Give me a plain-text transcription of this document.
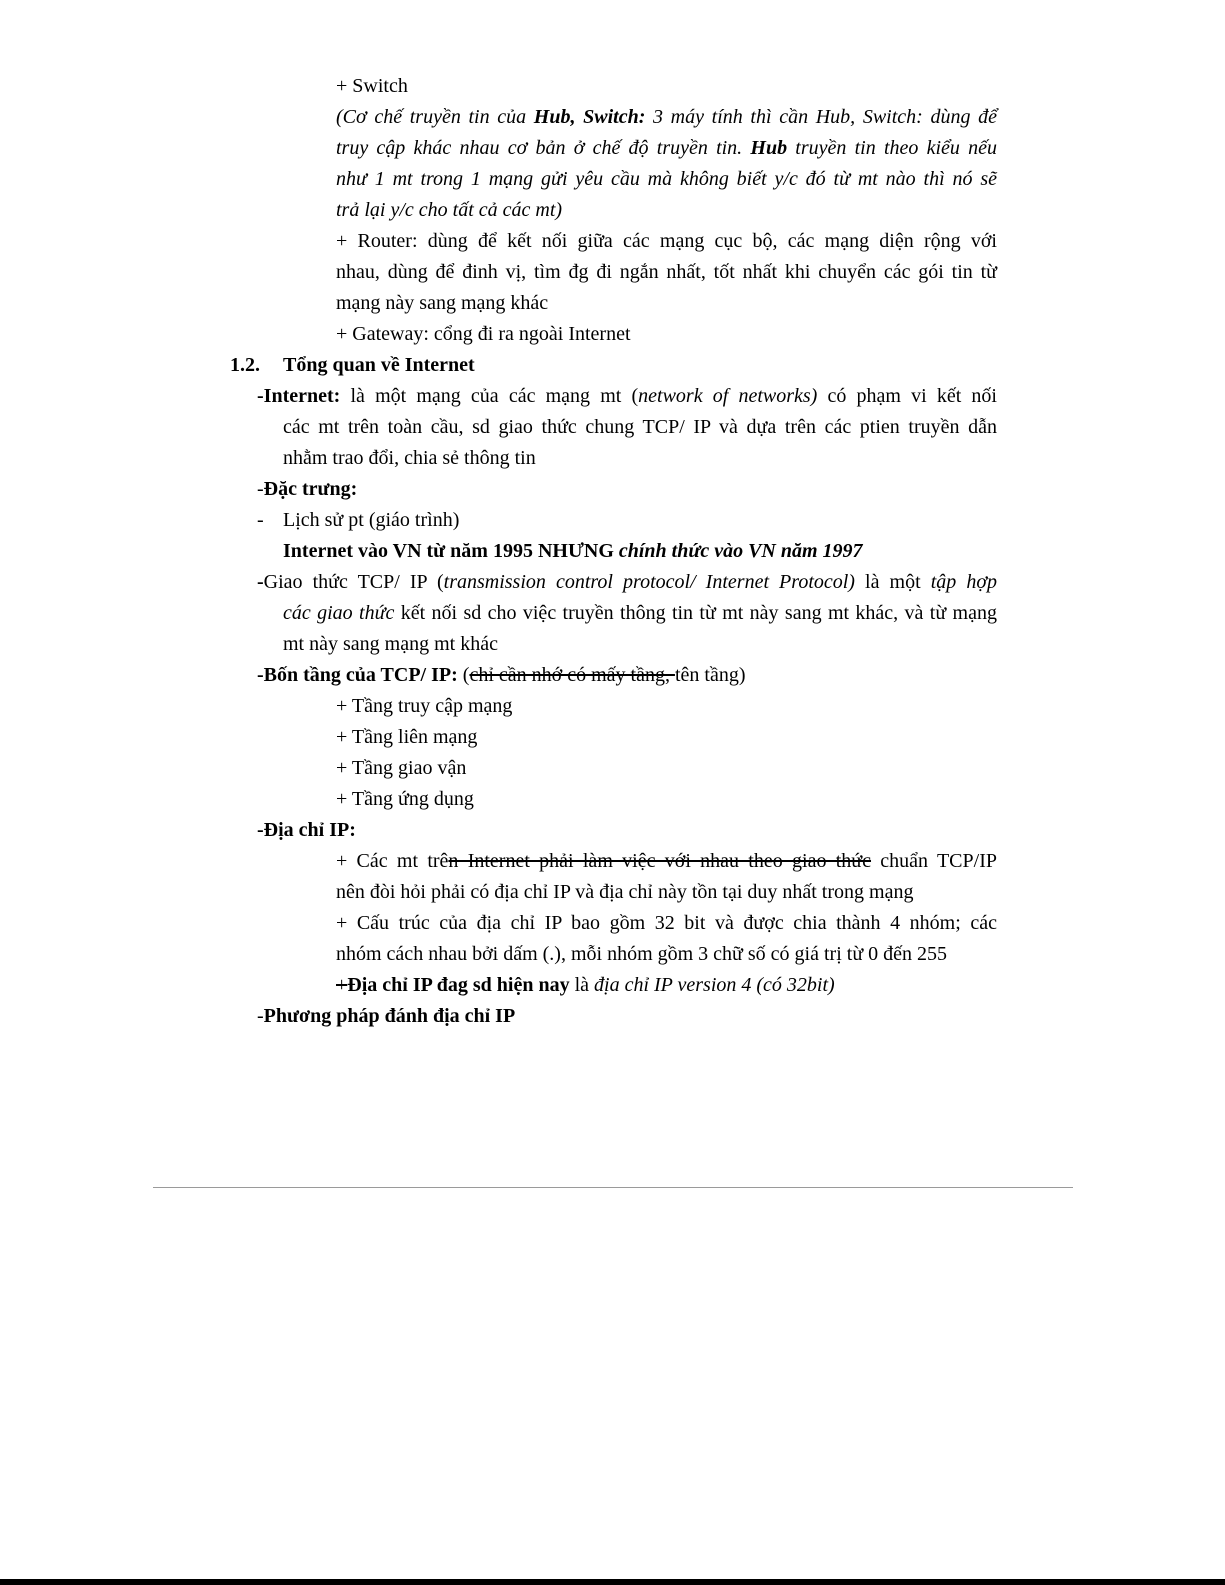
+ Switch
(Cơ chế truyền tin của Hub, Switch: 3 máy tính thì cần Hub, Switch: dùng để
truy cập khác nhau cơ bản ở chế độ truyền tin. Hub truyền tin theo kiểu nếu
như 1 mt trong 1 mạng gửi yêu cầu mà không biết y/c đó từ mt nào thì nó sẽ
trả lại y/c cho tất cả các mt)
+ Router: dùng để kết nối giữa các mạng cục bộ, các mạng diện rộng với
nhau, dùng để đinh vị, tìm đg đi ngắn nhất, tốt nhất khi chuyển các gói tin từ
mạng này sang mạng khác
+ Gateway: cổng đi ra ngoài Internet
1.2. Tổng quan về Internet
-Internet: là một mạng của các mạng mt (network of networks) có phạm vi kết nối
các mt trên toàn cầu, sd giao thức chung TCP/ IP và dựa trên các ptien truyền dẫn
nhằm trao đổi, chia sẻ thông tin
-Đặc trưng:
- Lịch sử pt (giáo trình)
Internet vào VN từ năm 1995 NHƯNG chính thức vào VN năm 1997
-Giao thức TCP/ IP (transmission control protocol/ Internet Protocol) là một tập hợp
các giao thức kết nối sd cho việc truyền thông tin từ mt này sang mt khác, và từ mạng
mt này sang mạng mt khác
-Bốn tầng của TCP/ IP: (chỉ cần nhớ có mấy tầng, tên tầng)
+ Tầng truy cập mạng
+ Tầng liên mạng
+ Tầng giao vận
+ Tầng ứng dụng
-Địa chỉ IP:
+ Các mt trên Internet phải làm việc với nhau theo giao thức chuẩn TCP/IP
nên đòi hỏi phải có địa chỉ IP và địa chỉ này tồn tại duy nhất trong mạng
+ Cấu trúc của địa chỉ IP bao gồm 32 bit và được chia thành 4 nhóm; các
nhóm cách nhau bởi dấm (.), mỗi nhóm gồm 3 chữ số có giá trị từ 0 đến 255
+Địa chỉ IP đag sd hiện nay là địa chỉ IP version 4 (có 32bit)
-Phương pháp đánh địa chỉ IP
